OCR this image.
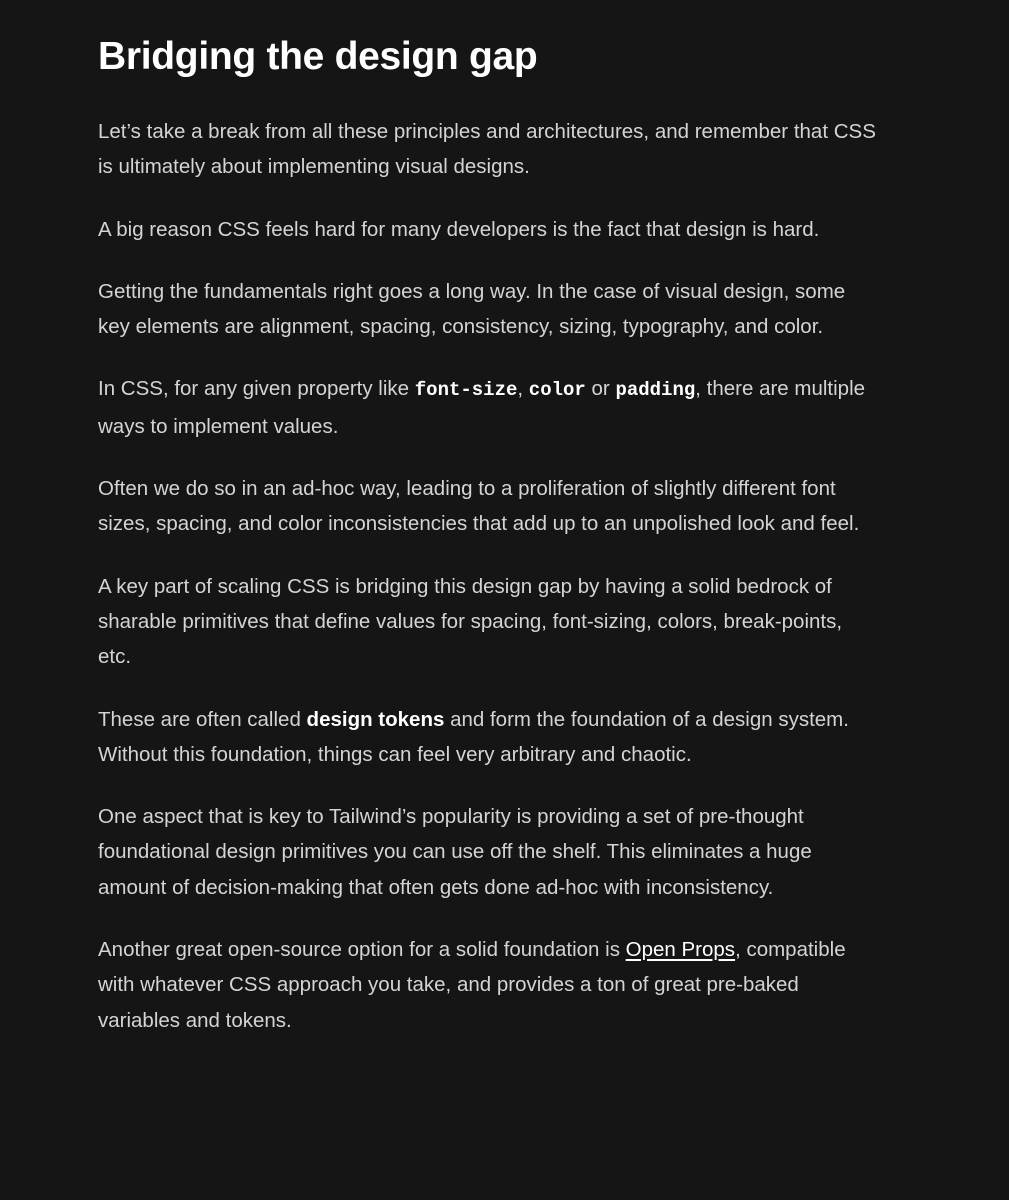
Bridging the design gap

Let’s take a break from all these principles and architectures, and remember that CSS is ultimately about implementing visual designs.

A big reason CSS feels hard for many developers is the fact that design is hard.

Getting the fundamentals right goes a long way. In the case of visual design, some key elements are alignment, spacing, consistency, sizing, typography, and color.

In CSS, for any given property like font-size, color or padding, there are multiple ways to implement values.

Often we do so in an ad-hoc way, leading to a proliferation of slightly different font sizes, spacing, and color inconsistencies that add up to an unpolished look and feel.

A key part of scaling CSS is bridging this design gap by having a solid bedrock of sharable primitives that define values for spacing, font-sizing, colors, break-points, etc.

These are often called design tokens and form the foundation of a design system. Without this foundation, things can feel very arbitrary and chaotic.

One aspect that is key to Tailwind’s popularity is providing a set of pre-thought foundational design primitives you can use off the shelf. This eliminates a huge amount of decision-making that often gets done ad-hoc with inconsistency.

Another great open-source option for a solid foundation is Open Props, compatible with whatever CSS approach you take, and provides a ton of great pre-baked variables and tokens.
